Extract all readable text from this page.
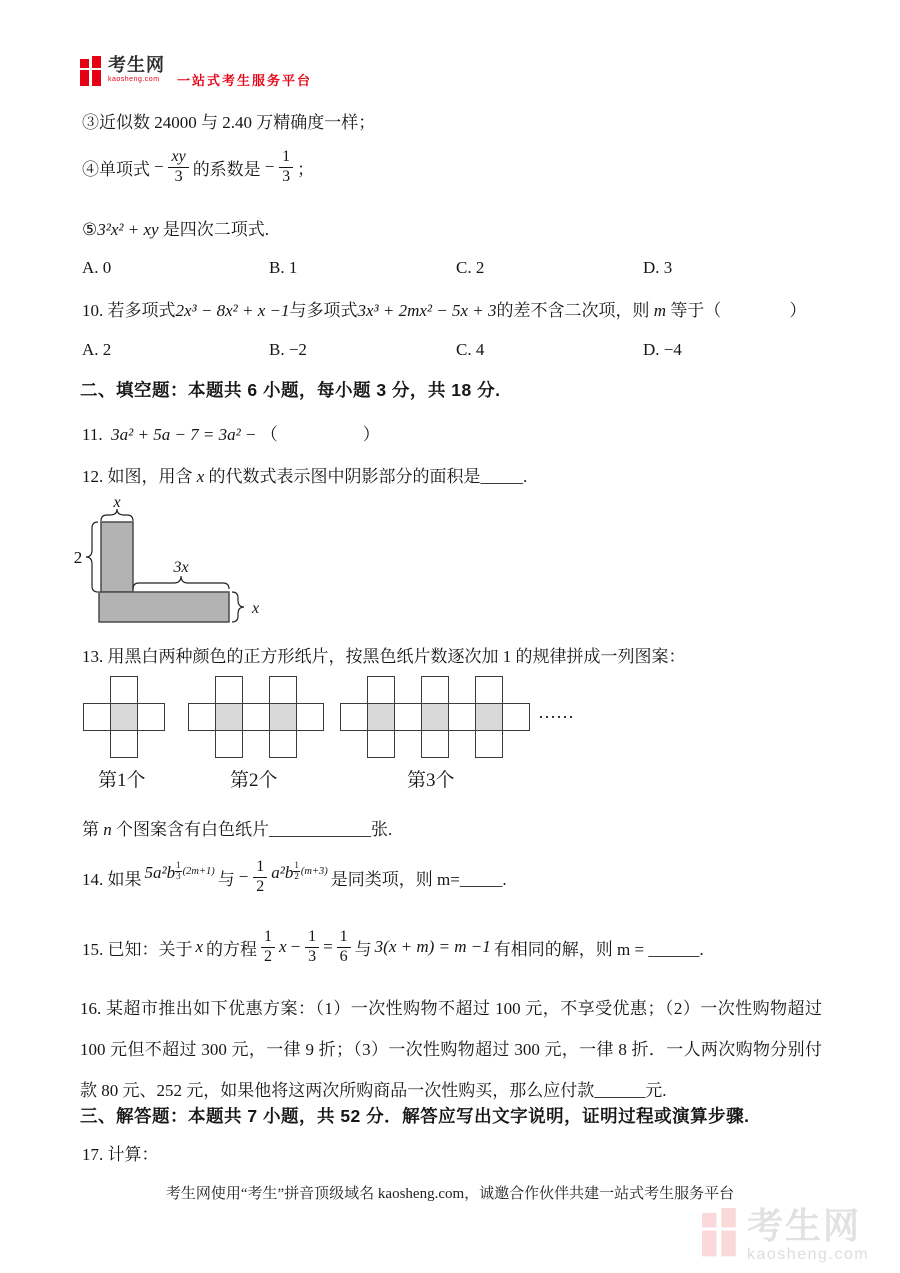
考生网
kaosheng.com	一站式考生服务平台
③近似数 24000 与 2.40 万精确度一样；
④单项式 − $\frac{xy}{3}$ 的系数是 − $\frac{1}{3}$ ；
⑤3²x² + xy 是四次二项式.
A. 0	B. 1	C. 2	D. 3
10. 若多项式2x³ − 8x² + x −1与多项式3x³ + 2mx² − 5x + 3的差不含二次项，则 m 等于（　　　　	）
A. 2	B. −2	C. 4	D. −4
二、填空题：本题共 6 小题，每小题 3 分，共 18 分.
11. 3a² + 5a − 7 = 3a² − （　　　　　	）
12. 如图，用含 x 的代数式表示图中阴影部分的面积是_____.
x
2
3x
x
13. 用黑白两种颜色的正方形纸片，按黑色纸片数逐次加 1 的规律拼成一列图案：
……
第1个	第2个	第3个
第 n 个图案含有白色纸片____________张.
14. 如果 $5a^2b \frac{1}{3} (2m+1)$ 与 − $\frac{1}{2} a^2b \frac{1}{2} (m+3)$ 是同类项，则 m=_____.
15. 已知：关于 x 的方程 $\frac{1}{2}$ $x - \frac{1}{3} = \frac{1}{6}$ 与 3(x + m) = m −1 有相同的解，则 m = ______.
16. 某超市推出如下优惠方案：（1）一次性购物不超过 100 元，不享受优惠；（2）一次性购物超过 100 元但不超过 300 元，一律 9 折；（3）一次性购物超过 300 元，一律 8 折．一人两次购物分别付款 80 元、252 元，如果他将这两次所购商品一次性购买，那么应付款______元.
三、解答题：本题共 7 小题，共 52 分．解答应写出文字说明，证明过程或演算步骤.
17. 计算：
考生网使用“考生”拼音顶级域名 kaosheng.com，诚邀合作伙伴共建一站式考生服务平台
考生网
kaosheng.com
